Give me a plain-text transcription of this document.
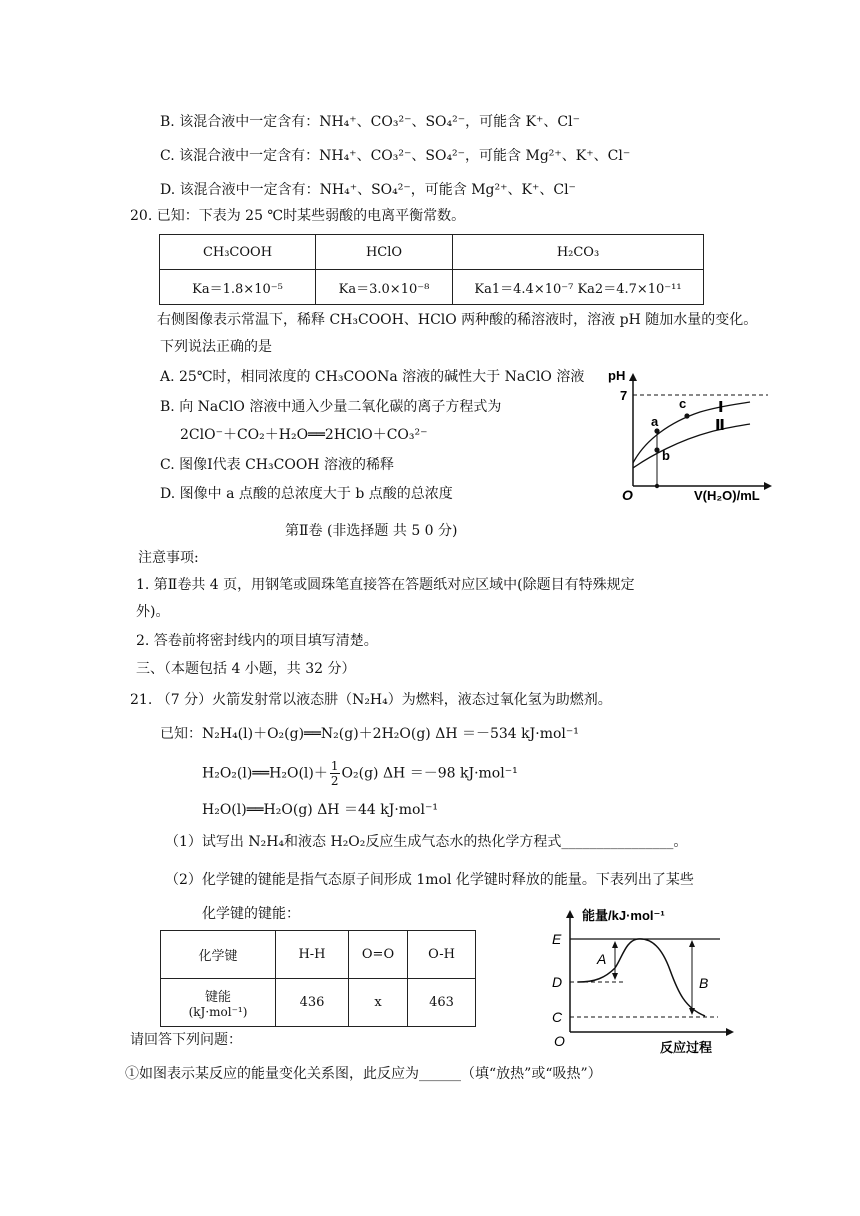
B. 该混合液中一定含有：NH₄⁺、CO₃²⁻、SO₄²⁻，可能含 K⁺、Cl⁻
C. 该混合液中一定含有：NH₄⁺、CO₃²⁻、SO₄²⁻，可能含 Mg²⁺、K⁺、Cl⁻
D. 该混合液中一定含有：NH₄⁺、SO₄²⁻，可能含 Mg²⁺、K⁺、Cl⁻
20. 已知：下表为 25 ℃时某些弱酸的电离平衡常数。
CH₃COOH	HClO	H₂CO₃
Ka＝1.8×10⁻⁵	Ka＝3.0×10⁻⁸	Ka1＝4.4×10⁻⁷ Ka2＝4.7×10⁻¹¹
右侧图像表示常温下，稀释 CH₃COOH、HClO 两种酸的稀溶液时，溶液 pH 随加水量的变化。
下列说法正确的是
A. 25℃时，相同浓度的 CH₃COONa 溶液的碱性大于 NaClO 溶液
B. 向 NaClO 溶液中通入少量二氧化碳的离子方程式为
2ClO⁻＋CO₂＋H₂O══2HClO＋CO₃²⁻
C. 图像Ⅰ代表 CH₃COOH 溶液的稀释
D. 图像中 a 点酸的总浓度大于 b 点酸的总浓度
pH
7
O	V(H₂O)/mL
a
b
c Ⅰ
Ⅱ
第Ⅱ卷 (非选择题 共 5 0 分)
注意事项:
1. 第Ⅱ卷共 4 页，用钢笔或圆珠笔直接答在答题纸对应区域中(除题目有特殊规定
外)。
2. 答卷前将密封线内的项目填写清楚。
三、（本题包括 4 小题，共 32 分）
21. （7 分）火箭发射常以液态肼（N₂H₄）为燃料，液态过氧化氢为助燃剂。
已知：N₂H₄(l)＋O₂(g)══N₂(g)＋2H₂O(g) ΔH ＝－534 kJ·mol⁻¹
H₂O₂(l)══H₂O(l)＋ $\frac{1}{2} O_2(g)$ ΔH ＝－98 kJ·mol⁻¹
H₂O(l)══H₂O(g) ΔH ＝44 kJ·mol⁻¹
（1）试写出 N₂H₄和液态 H₂O₂反应生成气态水的热化学方程式________________。
（2）化学键的键能是指气态原子间形成 1mol 化学键时释放的能量。下表列出了某些
化学键的键能：
化学键	H-H	O=O	O-H

键能
(kJ·mol⁻¹)	436	x	463
请回答下列问题：
①如图表示某反应的能量变化关系图，此反应为______（填“放热”或“吸热”）
能量/kJ·mol⁻¹
E
D
C
O
A
B
反应过程
